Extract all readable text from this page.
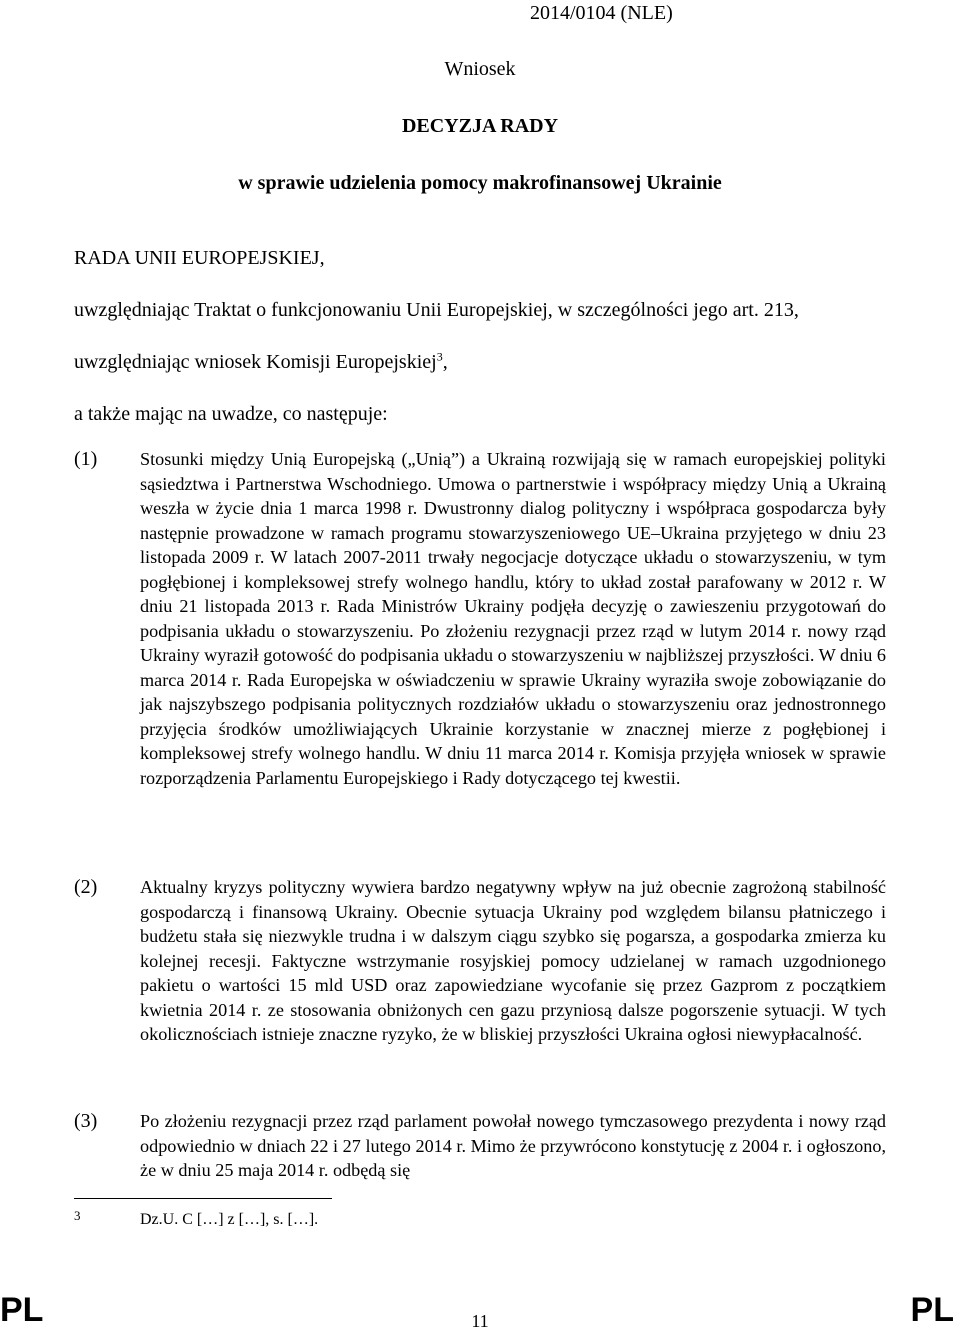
2014/0104 (NLE)
Wniosek
DECYZJA RADY
w sprawie udzielenia pomocy makrofinansowej Ukrainie
RADA UNII EUROPEJSKIEJ,
uwzględniając Traktat o funkcjonowaniu Unii Europejskiej, w szczególności jego art. 213,
uwzględniając wniosek Komisji Europejskiej$^3$,
a także mając na uwadze, co następuje:
(1) Stosunki między Unią Europejską („Unią”) a Ukrainą rozwijają się w ramach europejskiej polityki sąsiedztwa i Partnerstwa Wschodniego. Umowa o partnerstwie i współpracy między Unią a Ukrainą weszła w życie dnia 1 marca 1998 r. Dwustronny dialog polityczny i współpraca gospodarcza były następnie prowadzone w ramach programu stowarzyszeniowego UE–Ukraina przyjętego w dniu 23 listopada 2009 r. W latach 2007-2011 trwały negocjacje dotyczące układu o stowarzyszeniu, w tym pogłębionej i kompleksowej strefy wolnego handlu, który to układ został parafowany w 2012 r. W dniu 21 listopada 2013 r. Rada Ministrów Ukrainy podjęła decyzję o zawieszeniu przygotowań do podpisania układu o stowarzyszeniu. Po złożeniu rezygnacji przez rząd w lutym 2014 r. nowy rząd Ukrainy wyraził gotowość do podpisania układu o stowarzyszeniu w najbliższej przyszłości. W dniu 6 marca 2014 r. Rada Europejska w oświadczeniu w sprawie Ukrainy wyraziła swoje zobowiązanie do jak najszybszego podpisania politycznych rozdziałów układu o stowarzyszeniu oraz jednostronnego przyjęcia środków umożliwiających Ukrainie korzystanie w znacznej mierze z pogłębionej i kompleksowej strefy wolnego handlu. W dniu 11 marca 2014 r. Komisja przyjęła wniosek w sprawie rozporządzenia Parlamentu Europejskiego i Rady dotyczącego tej kwestii.
(2) Aktualny kryzys polityczny wywiera bardzo negatywny wpływ na już obecnie zagrożoną stabilność gospodarczą i finansową Ukrainy. Obecnie sytuacja Ukrainy pod względem bilansu płatniczego i budżetu stała się niezwykle trudna i w dalszym ciągu szybko się pogarsza, a gospodarka zmierza ku kolejnej recesji. Faktyczne wstrzymanie rosyjskiej pomocy udzielanej w ramach uzgodnionego pakietu o wartości 15 mld USD oraz zapowiedziane wycofanie się przez Gazprom z początkiem kwietnia 2014 r. ze stosowania obniżonych cen gazu przyniosą dalsze pogorszenie sytuacji. W tych okolicznościach istnieje znaczne ryzyko, że w bliskiej przyszłości Ukraina ogłosi niewypłacalność.
(3) Po złożeniu rezygnacji przez rząd parlament powołał nowego tymczasowego prezydenta i nowy rząd odpowiednio w dniach 22 i 27 lutego 2014 r. Mimo że przywrócono konstytucję z 2004 r. i ogłoszono, że w dniu 25 maja 2014 r. odbędą się
3	Dz.U. C […] z […], s. […].
PL	11	PL
